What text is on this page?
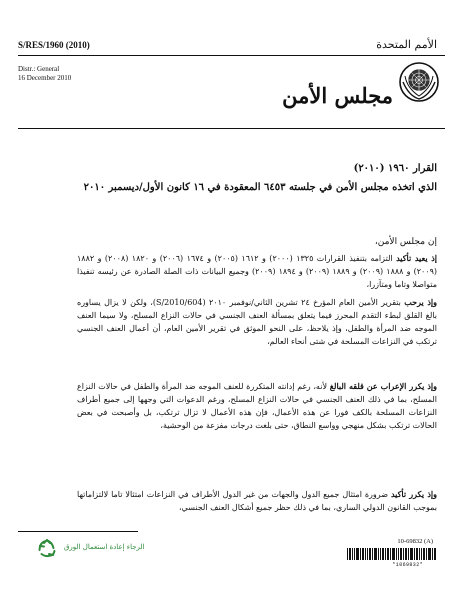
S/RES/1960 (2010)	الأمم المتحدة
Distr.: General
16 December 2010
مجلس الأمن
القرار ١٩٦٠ (٢٠١٠)
الذي اتخذه مجلس الأمن في جلسته ٦٤٥٣ المعقودة في ١٦ كانون الأول/ديسمبر ٢٠١٠
إن مجلس الأمن،
إذ يعيد تأكيد التزامه بتنفيذ القرارات ١٣٢٥ (٢٠٠٠) و ١٦١٢ (٢٠٠٥) و ١٦٧٤ (٢٠٠٦) و ١٨٢٠ (٢٠٠٨) و ١٨٨٢ (٢٠٠٩) و ١٨٨٨ (٢٠٠٩) و ١٨٨٩ (٢٠٠٩) و ١٨٩٤ (٢٠٠٩) وجميع البيانات ذات الصلة الصادرة عن رئيسه تنفيذا متواصلا وتاما ومتآزرا،
وإذ يرحب بتقرير الأمين العام المؤرخ ٢٤ تشرين الثاني/نوفمبر ٢٠١٠ (S/2010/604)، ولكن لا يزال يساوره بالغ القلق لبطء التقدم المحرز فيما يتعلق بمسألة العنف الجنسي في حالات النزاع المسلح، ولا سيما العنف الموجه ضد المرأة والطفل، وإذ يلاحظ، على النحو الموثق في تقرير الأمين العام، أن أعمال العنف الجنسي ترتكب في النزاعات المسلحة في شتى أنحاء العالم،
وإذ يكرر الإعراب عن قلقه البالغ لأنه، رغم إدانته المتكررة للعنف الموجه ضد المرأة والطفل في حالات النزاع المسلح، بما في ذلك العنف الجنسي في حالات النزاع المسلح، ورغم الدعوات التي وجهها إلى جميع أطراف النزاعات المسلحة بالكف فورا عن هذه الأعمال، فإن هذه الأعمال لا تزال ترتكب، بل وأصبحت في بعض الحالات ترتكب بشكل منهجي وواسع النطاق، حتى بلغت درجات مفزعة من الوحشية،
وإذ يكرر تأكيد ضرورة امتثال جميع الدول والجهات من غير الدول الأطراف في النزاعات امتثالا تاما لالتزاماتها بموجب القانون الدولي الساري، بما في ذلك حظر جميع أشكال العنف الجنسي،
الرجاء إعادة استعمال الورق
10-69832 (A)
*1069832*
